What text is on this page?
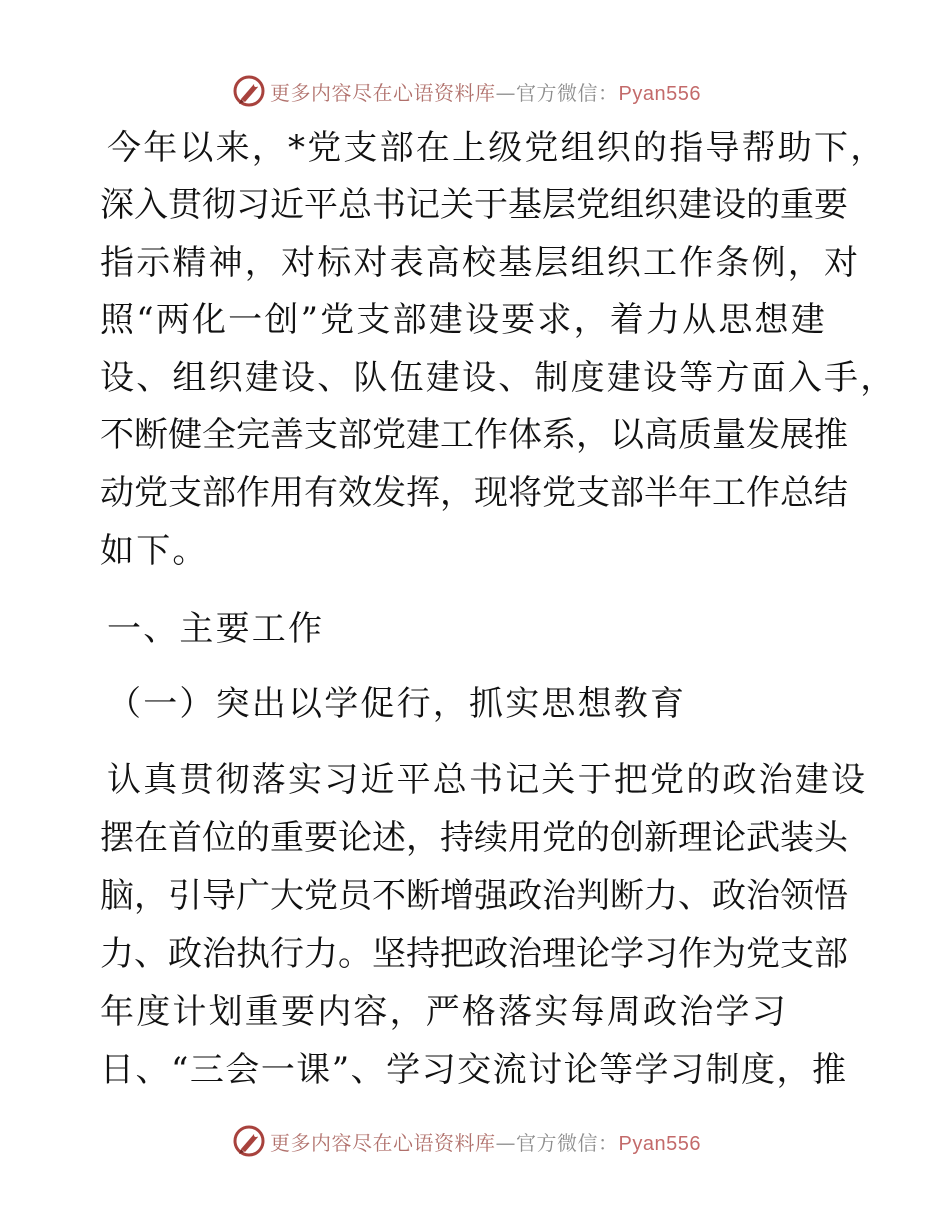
更多内容尽在心语资料库—官方微信：Pyan556
今年以来，*党支部在上级党组织的指导帮助下，
深入贯彻习近平总书记关于基层党组织建设的重要
指示精神，对标对表高校基层组织工作条例，对
照“两化一创”党支部建设要求，着力从思想建
设、组织建设、队伍建设、制度建设等方面入手，
不断健全完善支部党建工作体系，以高质量发展推
动党支部作用有效发挥，现将党支部半年工作总结
如下。
一、主要工作
（一）突出以学促行，抓实思想教育
认真贯彻落实习近平总书记关于把党的政治建设
摆在首位的重要论述，持续用党的创新理论武装头
脑，引导广大党员不断增强政治判断力、政治领悟
力、政治执行力。坚持把政治理论学习作为党支部
年度计划重要内容，严格落实每周政治学习
日、“三会一课”、学习交流讨论等学习制度，推
更多内容尽在心语资料库—官方微信：Pyan556
